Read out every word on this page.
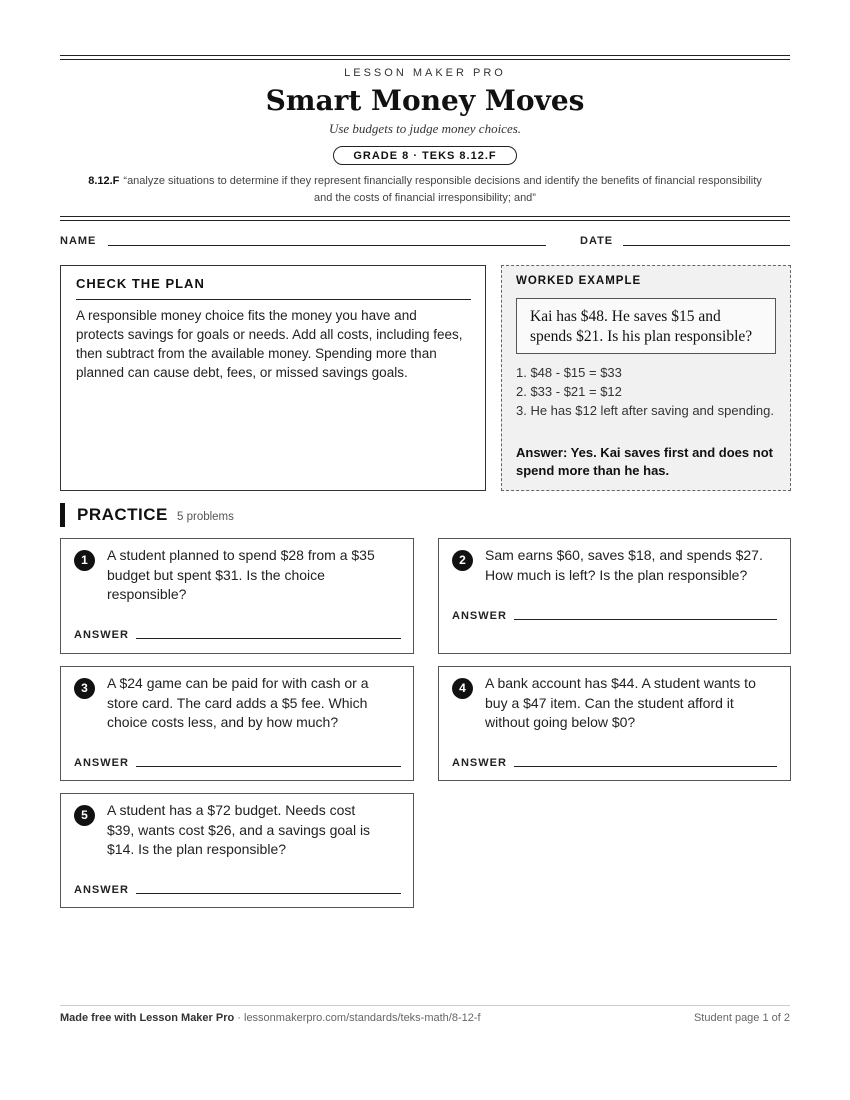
LESSON MAKER PRO
Smart Money Moves
Use budgets to judge money choices.
GRADE 8 · TEKS 8.12.F
8.12.F “analyze situations to determine if they represent financially responsible decisions and identify the benefits of financial responsibility and the costs of financial irresponsibility; and”
NAME	DATE
CHECK THE PLAN
A responsible money choice fits the money you have and protects savings for goals or needs. Add all costs, including fees, then subtract from the available money. Spending more than planned can cause debt, fees, or missed savings goals.
WORKED EXAMPLE
Kai has $48. He saves $15 and spends $21. Is his plan responsible?
1. $48 - $15 = $33
2. $33 - $21 = $12
3. He has $12 left after saving and spending.
Answer: Yes. Kai saves first and does not spend more than he has.
PRACTICE 5 problems
1	A student planned to spend $28 from a $35
budget but spent $31. Is the choice
responsible?
ANSWER
2	Sam earns $60, saves $18, and spends $27.
How much is left? Is the plan responsible?
ANSWER
3	A $24 game can be paid for with cash or a
store card. The card adds a $5 fee. Which
choice costs less, and by how much?
ANSWER
4	A bank account has $44. A student wants to
buy a $47 item. Can the student afford it
without going below $0?
ANSWER
5	A student has a $72 budget. Needs cost
$39, wants cost $26, and a savings goal is
$14. Is the plan responsible?
ANSWER
Made free with Lesson Maker Pro · lessonmakerpro.com/standards/teks-math/8-12-f	Student page 1 of 2
